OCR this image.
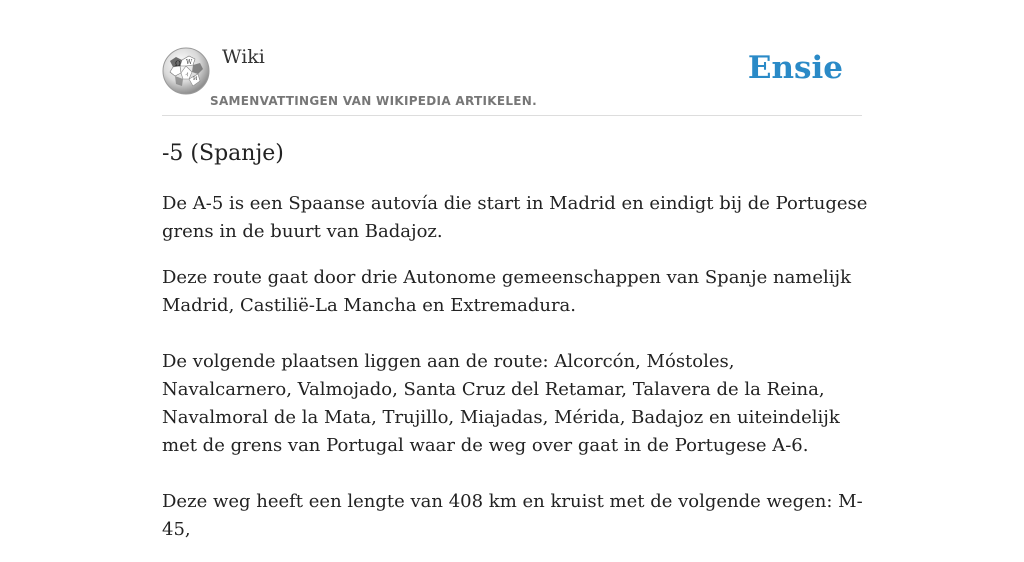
Ω W
ィ
И
Wiki
SAMENVATTINGEN VAN WIKIPEDIA ARTIKELEN.
Ensie
-5 (Spanje)

De A-5 is een Spaanse autovía die start in Madrid en eindigt bij de Portugese grens in de buurt van Badajoz.

Deze route gaat door drie Autonome gemeenschappen van Spanje namelijk Madrid, Castilië-La Mancha en Extremadura.

De volgende plaatsen liggen aan de route: Alcorcón, Móstoles, Navalcarnero, Valmojado, Santa Cruz del Retamar, Talavera de la Reina, Navalmoral de la Mata, Trujillo, Miajadas, Mérida, Badajoz en uiteindelijk met de grens van Portugal waar de weg over gaat in de Portugese A-6.

Deze weg heeft een lengte van 408 km en kruist met de volgende wegen: M-45,
